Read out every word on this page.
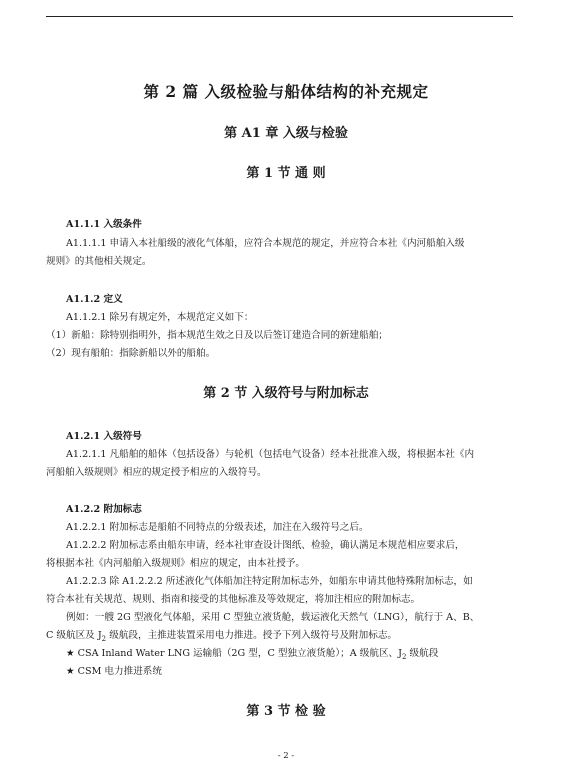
第 2 篇 入级检验与船体结构的补充规定
第 A1 章 入级与检验
第 1 节 通 则
A1.1.1 入级条件
A1.1.1.1 申请入本社船级的液化气体船，应符合本规范的规定，并应符合本社《内河船舶入级
规则》的其他相关规定。
A1.1.2 定义
A1.1.2.1 除另有规定外，本规范定义如下：
（1）新船：除特别指明外，指本规范生效之日及以后签订建造合同的新建船舶；
（2）现有船舶：指除新船以外的船舶。
第 2 节 入级符号与附加标志
A1.2.1 入级符号
A1.2.1.1 凡船舶的船体（包括设备）与轮机（包括电气设备）经本社批准入级，将根据本社《内
河船舶入级规则》相应的规定授予相应的入级符号。
A1.2.2 附加标志
A1.2.2.1 附加标志是船舶不同特点的分级表述，加注在入级符号之后。
A1.2.2.2 附加标志系由船东申请，经本社审查设计图纸、检验，确认满足本规范相应要求后，
将根据本社《内河船舶入级规则》相应的规定，由本社授予。
A1.2.2.3 除 A1.2.2.2 所述液化气体船加注特定附加标志外，如船东申请其他特殊附加标志，如
符合本社有关规范、规则、指南和接受的其他标准及等效规定，将加注相应的附加标志。
例如：一艘 2G 型液化气体船，采用 C 型独立液货舱，载运液化天然气（LNG），航行于 A、B、
C 级航区及 $J_2$ 级航段，主推进装置采用电力推进。授予下列入级符号及附加标志。
★ CSA Inland Water LNG 运输船（2G 型，C 型独立液货舱）；A 级航区、$J_2$ 级航段
★ CSM 电力推进系统
第 3 节 检 验
- 2 -
